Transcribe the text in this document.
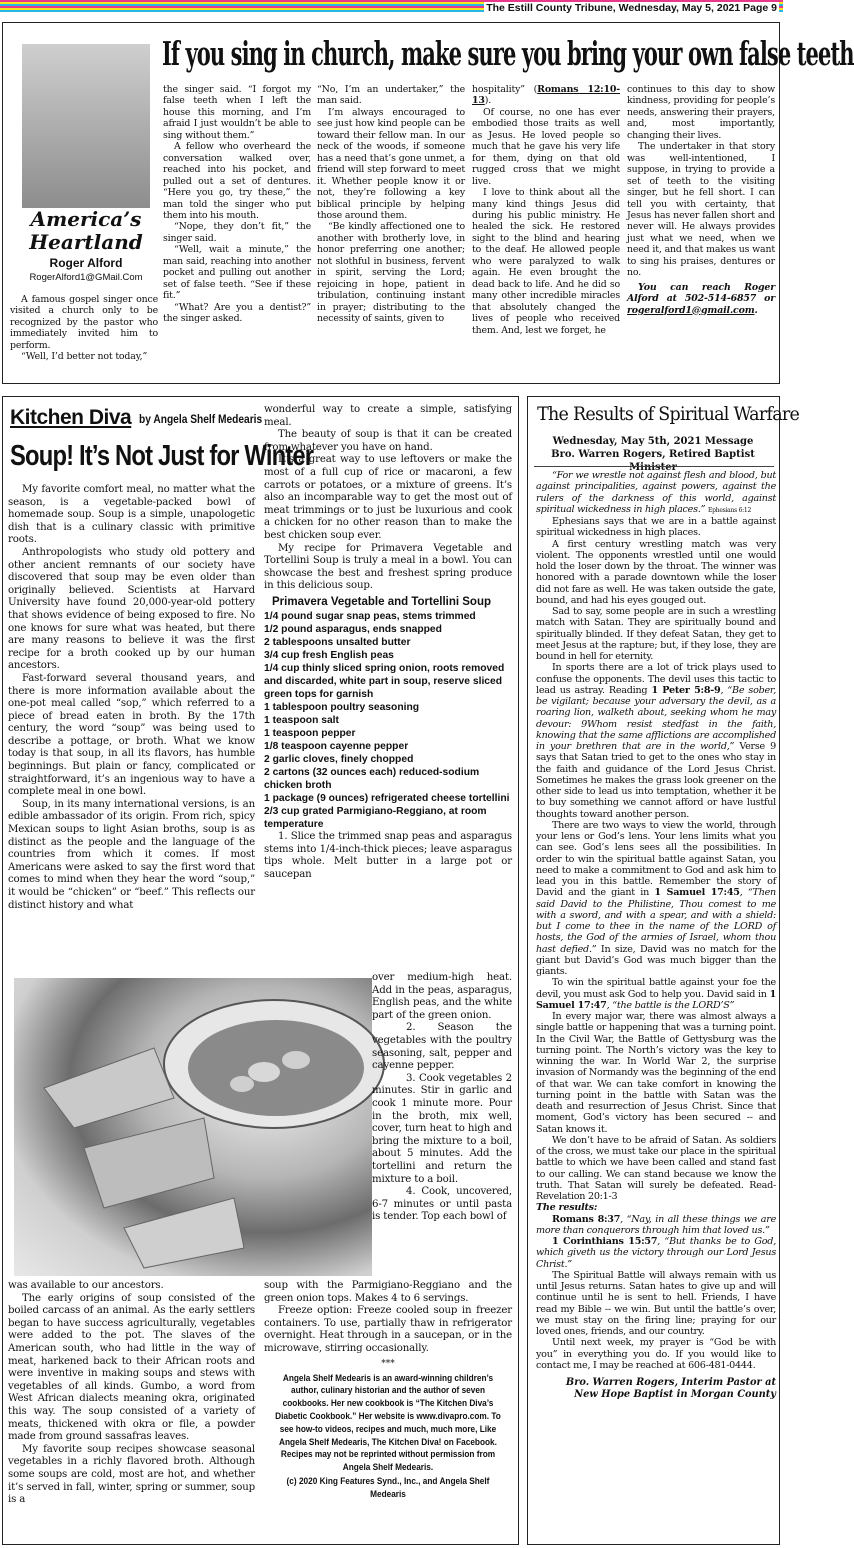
The Estill County Tribune, Wednesday, May 5, 2021 Page 9
If you sing in church, make sure you bring your own false teeth
America’s Heartland
Roger Alford
RogerAlford1@GMail.Com

A famous gospel singer once visited a church only to be recognized by the pastor who immediately invited him to perform.

“Well, I’d better not today,”

the singer said. “I forgot my false teeth when I left the house this morning, and I’m afraid I just wouldn’t be able to sing without them.”

A fellow who overheard the conversation walked over, reached into his pocket, and pulled out a set of dentures. “Here you go, try these,” the man told the singer who put them into his mouth.

“Nope, they don’t fit,” the singer said.

“Well, wait a minute,” the man said, reaching into another pocket and pulling out another set of false teeth. “See if these fit.”

“What? Are you a dentist?” the singer asked.

“No, I’m an undertaker,” the man said.

I’m always encouraged to see just how kind people can be toward their fellow man. In our neck of the woods, if someone has a need that’s gone unmet, a friend will step forward to meet it. Whether people know it or not, they’re following a key biblical principle by helping those around them.

“Be kindly affectioned one to another with brotherly love, in honor preferring one another; not slothful in business, fervent in spirit, serving the Lord; rejoicing in hope, patient in tribulation, continuing instant in prayer; distributing to the necessity of saints, given to

hospitality” (Romans 12:10-13).

Of course, no one has ever embodied those traits as well as Jesus. He loved people so much that he gave his very life for them, dying on that old rugged cross that we might live.

I love to think about all the many kind things Jesus did during his public ministry. He healed the sick. He restored sight to the blind and hearing to the deaf. He allowed people who were paralyzed to walk again. He even brought the dead back to life. And he did so many other incredible miracles that absolutely changed the lives of people who received them. And, lest we forget, he

continues to this day to show kindness, providing for people’s needs, answering their prayers, and, most importantly, changing their lives.

The undertaker in that story was well-intentioned, I suppose, in trying to provide a set of teeth to the visiting singer, but he fell short. I can tell you with certainty, that Jesus has never fallen short and never will. He always provides just what we need, when we need it, and that makes us want to sing his praises, dentures or no.

You can reach Roger Alford at 502-514-6857 or rogeralford1@gmail.com.

Kitchen Diva by Angela Shelf Medearis
Soup! It’s Not Just for Winter

My favorite comfort meal, no matter what the season, is a vegetable-packed bowl of homemade soup. Soup is a simple, unapologetic dish that is a culinary classic with primitive roots.

Anthropologists who study old pottery and other ancient remnants of our society have discovered that soup may be even older than originally believed. Scientists at Harvard University have found 20,000-year-old pottery that shows evidence of being exposed to fire. No one knows for sure what was heated, but there are many reasons to believe it was the first recipe for a broth cooked up by our human ancestors.

Fast-forward several thousand years, and there is more information available about the one-pot meal called “sop,” which referred to a piece of bread eaten in broth. By the 17th century, the word “soup” was being used to describe a pottage, or broth. What we know today is that soup, in all its flavors, has humble beginnings. But plain or fancy, complicated or straightforward, it’s an ingenious way to have a complete meal in one bowl.

Soup, in its many international versions, is an edible ambassador of its origin. From rich, spicy Mexican soups to light Asian broths, soup is as distinct as the people and the language of the countries from which it comes. If most Americans were asked to say the first word that comes to mind when they hear the word “soup,” it would be “chicken” or “beef.” This reflects our distinct history and what

wonderful way to create a simple, satisfying meal.

The beauty of soup is that it can be created from whatever you have on hand.

It’s a great way to use leftovers or make the most of a full cup of rice or macaroni, a few carrots or potatoes, or a mixture of greens. It’s also an incomparable way to get the most out of meat trimmings or to just be luxurious and cook a chicken for no other reason than to make the best chicken soup ever.

My recipe for Primavera Vegetable and Tortellini Soup is truly a meal in a bowl. You can showcase the best and freshest spring produce in this delicious soup.

Primavera Vegetable and Tortellini Soup
1/4 pound sugar snap peas, stems trimmed
1/2 pound asparagus, ends snapped
2 tablespoons unsalted butter
3/4 cup fresh English peas
1/4 cup thinly sliced spring onion, roots removed and discarded, white part in soup, reserve sliced green tops for garnish
1 tablespoon poultry seasoning
1 teaspoon salt
1 teaspoon pepper
1/8 teaspoon cayenne pepper
2 garlic cloves, finely chopped
2 cartons (32 ounces each) reduced-sodium chicken broth
1 package (9 ounces) refrigerated cheese tortellini
2/3 cup grated Parmigiano-Reggiano, at room temperature

1. Slice the trimmed snap peas and asparagus stems into 1/4-inch-thick pieces; leave asparagus tips whole. Melt butter in a large pot or saucepan

over medium-high heat. Add in the peas, asparagus, English peas, and the white part of the green onion.

2. Season the vegetables with the poultry seasoning, salt, pepper and cayenne pepper.

3. Cook vegetables 2 minutes. Stir in garlic and cook 1 minute more. Pour in the broth, mix well, cover, turn heat to high and bring the mixture to a boil, about 5 minutes. Add the tortellini and return the mixture to a boil.

4. Cook, uncovered, 6-7 minutes or until pasta is tender. Top each bowl of

was available to our ancestors.

The early origins of soup consisted of the boiled carcass of an animal. As the early settlers began to have success agriculturally, vegetables were added to the pot. The slaves of the American south, who had little in the way of meat, harkened back to their African roots and were inventive in making soups and stews with vegetables of all kinds. Gumbo, a word from West African dialects meaning okra, originated this way. The soup consisted of a variety of meats, thickened with okra or file, a powder made from ground sassafras leaves.

My favorite soup recipes showcase seasonal vegetables in a richly flavored broth. Although some soups are cold, most are hot, and whether it’s served in fall, winter, spring or summer, soup is a

soup with the Parmigiano-Reggiano and the green onion tops. Makes 4 to 6 servings.

Freeze option: Freeze cooled soup in freezer containers. To use, partially thaw in refrigerator overnight. Heat through in a saucepan, or in the microwave, stirring occasionally.

***
Angela Shelf Medearis is an award-winning children’s author, culinary historian and the author of seven cookbooks. Her new cookbook is “The Kitchen Diva’s Diabetic Cookbook.” Her website is www.divapro.com. To see how-to videos, recipes and much, much more, Like Angela Shelf Medearis, The Kitchen Diva! on Facebook. Recipes may not be reprinted without permission from Angela Shelf Medearis.
(c) 2020 King Features Synd., Inc., and Angela Shelf Medearis
The Results of Spiritual Warfare
Wednesday, May 5th, 2021 Message
Bro. Warren Rogers, Retired Baptist Minister

“For we wrestle not against flesh and blood, but against principalities, against powers, against the rulers of the darkness of this world, against spiritual wickedness in high places.” Ephesians 6:12

Ephesians says that we are in a battle against spiritual wickedness in high places.

A first century wrestling match was very violent. The opponents wrestled until one would hold the loser down by the throat. The winner was honored with a parade downtown while the loser did not fare as well. He was taken outside the gate, bound, and had his eyes gouged out.

Sad to say, some people are in such a wrestling match with Satan. They are spiritually bound and spiritually blinded. If they defeat Satan, they get to meet Jesus at the rapture; but, if they lose, they are bound in hell for eternity.

In sports there are a lot of trick plays used to confuse the opponents. The devil uses this tactic to lead us astray. Reading 1 Peter 5:8-9, “Be sober, be vigilant; because your adversary the devil, as a roaring lion, walketh about, seeking whom he may devour: 9Whom resist stedfast in the faith, knowing that the same afflictions are accomplished in your brethren that are in the world,” Verse 9 says that Satan tried to get to the ones who stay in the faith and guidance of the Lord Jesus Christ. Sometimes he makes the grass look greener on the other side to lead us into temptation, whether it be to buy something we cannot afford or have lustful thoughts toward another person.

There are two ways to view the world, through your lens or God’s lens. Your lens limits what you can see. God’s lens sees all the possibilities. In order to win the spiritual battle against Satan, you need to make a commitment to God and ask him to lead you in this battle. Remember the story of David and the giant in 1 Samuel 17:45, “Then said David to the Philistine, Thou comest to me with a sword, and with a spear, and with a shield: but I come to thee in the name of the LORD of hosts, the God of the armies of Israel, whom thou hast defied.” In size, David was no match for the giant but David’s God was much bigger than the giants.

To win the spiritual battle against your foe the devil, you must ask God to help you. David said in 1 Samuel 17:47, “the battle is the LORD’S”

In every major war, there was almost always a single battle or happening that was a turning point. In the Civil War, the Battle of Gettysburg was the turning point. The North’s victory was the key to winning the war. In World War 2, the surprise invasion of Normandy was the beginning of the end of that war. We can take comfort in knowing the turning point in the battle with Satan was the death and resurrection of Jesus Christ. Since that moment, God’s victory has been secured -- and Satan knows it.

We don’t have to be afraid of Satan. As soldiers of the cross, we must take our place in the spiritual battle to which we have been called and stand fast to our calling. We can stand because we know the truth. That Satan will surely be defeated. Read- Revelation 20:1-3

The results:

Romans 8:37, “Nay, in all these things we are more than conquerors through him that loved us.”

1 Corinthians 15:57, “But thanks be to God, which giveth us the victory through our Lord Jesus Christ.”

The Spiritual Battle will always remain with us until Jesus returns. Satan hates to give up and will continue until he is sent to hell. Friends, I have read my Bible -- we win. But until the battle’s over, we must stay on the firing line; praying for our loved ones, friends, and our country.

Until next week, my prayer is “God be with you” in everything you do. If you would like to contact me, I may be reached at 606-481-0444.

Bro. Warren Rogers, Interim Pastor at
New Hope Baptist in Morgan County
